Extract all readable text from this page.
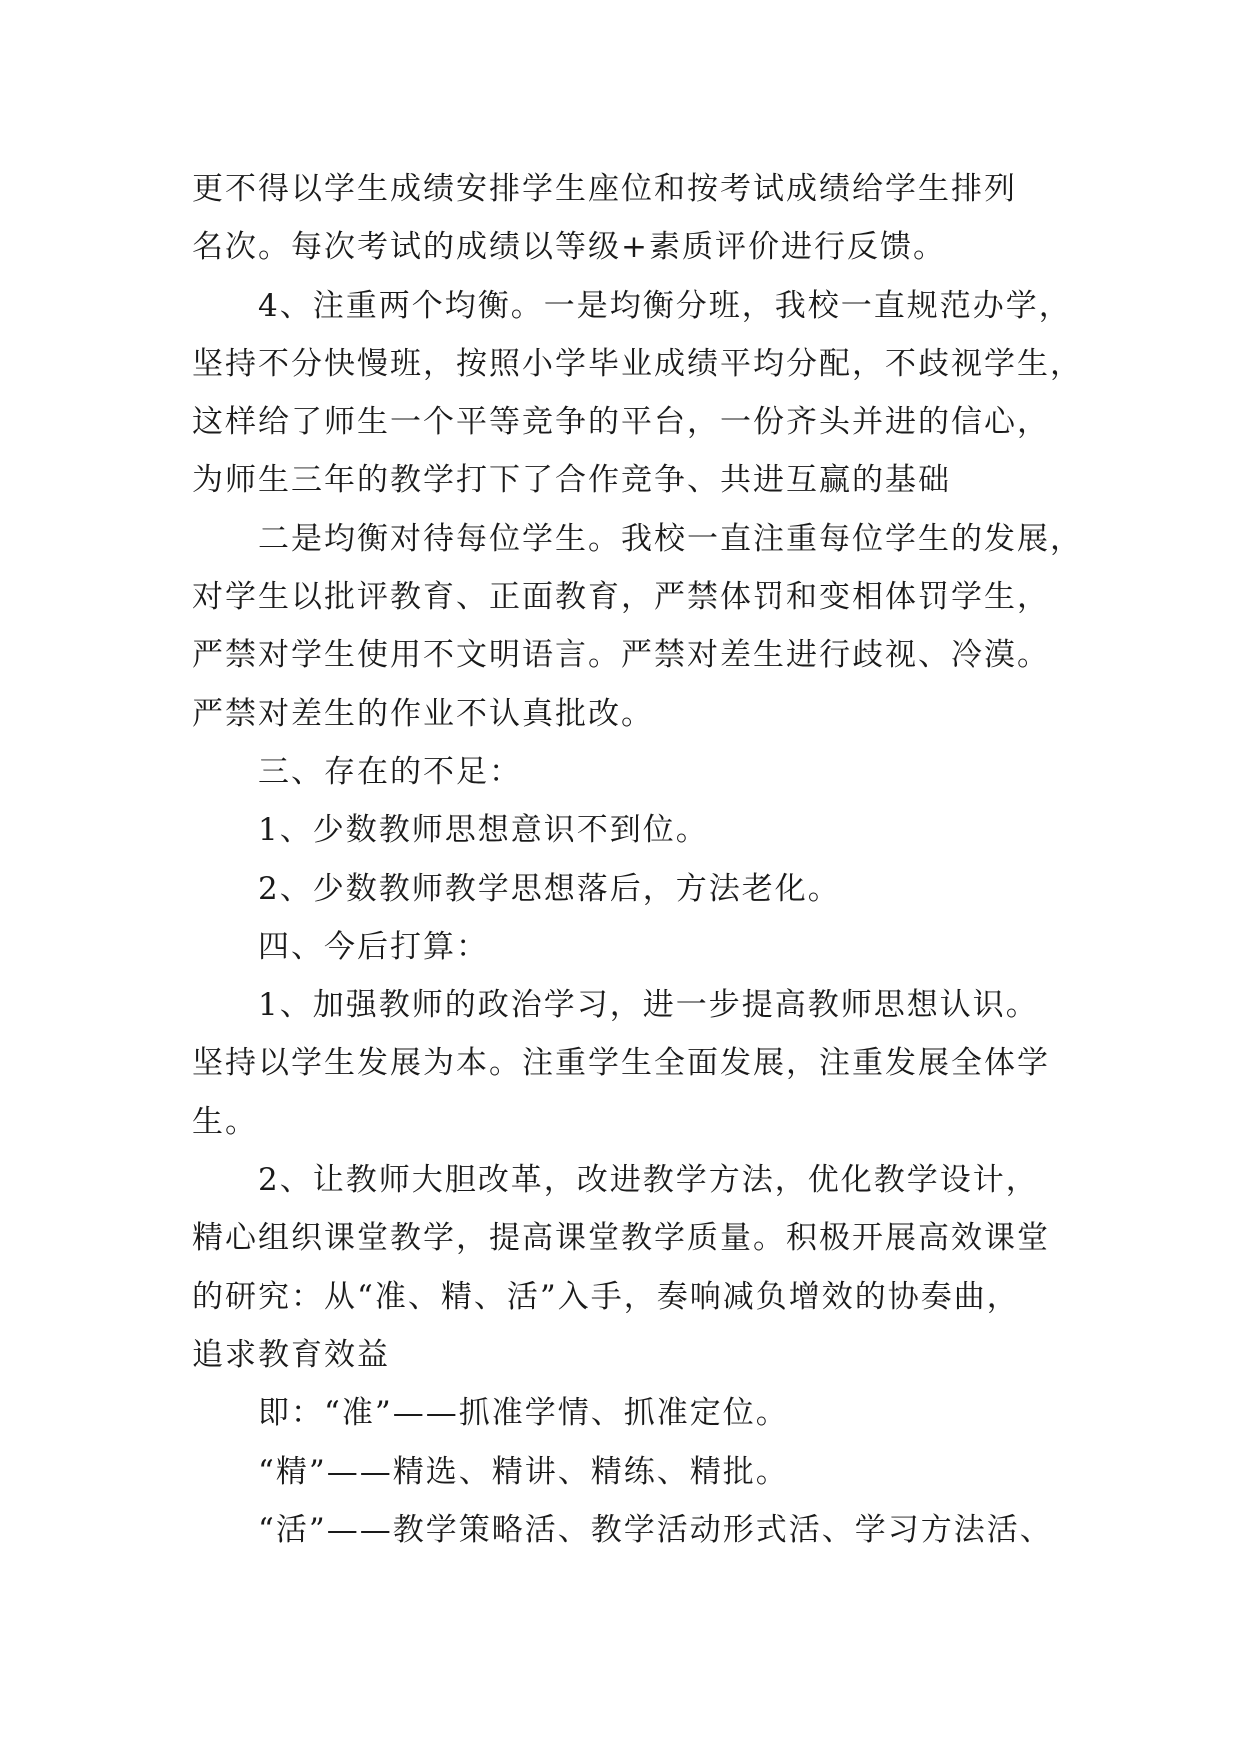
更不得以学生成绩安排学生座位和按考试成绩给学生排列
名次。每次考试的成绩以等级+素质评价进行反馈。
4、注重两个均衡。一是均衡分班，我校一直规范办学，
坚持不分快慢班，按照小学毕业成绩平均分配，不歧视学生，
这样给了师生一个平等竞争的平台，一份齐头并进的信心，
为师生三年的教学打下了合作竞争、共进互赢的基础
二是均衡对待每位学生。我校一直注重每位学生的发展，
对学生以批评教育、正面教育，严禁体罚和变相体罚学生，
严禁对学生使用不文明语言。严禁对差生进行歧视、冷漠。
严禁对差生的作业不认真批改。
三、存在的不足：
1、少数教师思想意识不到位。
2、少数教师教学思想落后，方法老化。
四、今后打算：
1、加强教师的政治学习，进一步提高教师思想认识。
坚持以学生发展为本。注重学生全面发展，注重发展全体学
生。
2、让教师大胆改革，改进教学方法，优化教学设计，
精心组织课堂教学，提高课堂教学质量。积极开展高效课堂
的研究：从“准、精、活”入手，奏响减负增效的协奏曲，
追求教育效益
即：“准”——抓准学情、抓准定位。
“精”——精选、精讲、精练、精批。
“活”——教学策略活、教学活动形式活、学习方法活、
